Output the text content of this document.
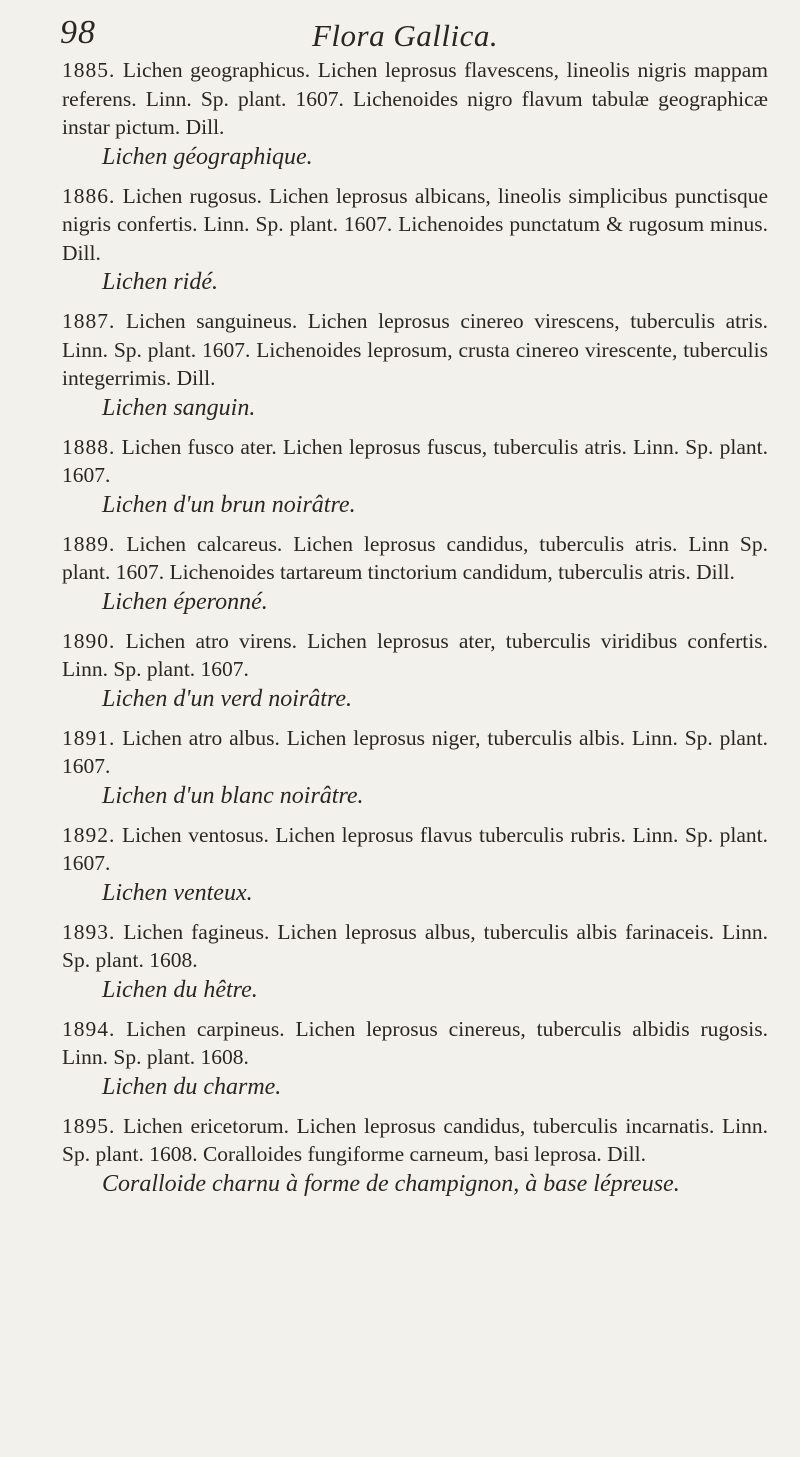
98	Flora Gallica.
1885. Lichen geographicus. Lichen leprosus flavescens, lineolis nigris mappam referens. Linn. Sp. plant. 1607. Lichenoides nigro flavum tabulæ geographicæ instar pictum. Dill.
Lichen géographique.
1886. Lichen rugosus. Lichen leprosus albicans, lineolis simplicibus punctisque nigris confertis. Linn. Sp. plant. 1607. Lichenoides punctatum & rugosum minus. Dill.
Lichen ridé.
1887. Lichen sanguineus. Lichen leprosus cinereo virescens, tuberculis atris. Linn. Sp. plant. 1607. Lichenoides leprosum, crusta cinereo virescente, tuberculis integerrimis. Dill.
Lichen sanguin.
1888. Lichen fusco ater. Lichen leprosus fuscus, tuberculis atris. Linn. Sp. plant. 1607.
Lichen d'un brun noirâtre.
1889. Lichen calcareus. Lichen leprosus candidus, tuberculis atris. Linn Sp. plant. 1607. Lichenoides tartareum tinctorium candidum, tuberculis atris. Dill.
Lichen éperonné.
1890. Lichen atro virens. Lichen leprosus ater, tuberculis viridibus confertis. Linn. Sp. plant. 1607.
Lichen d'un verd noirâtre.
1891. Lichen atro albus. Lichen leprosus niger, tuberculis albis. Linn. Sp. plant. 1607.
Lichen d'un blanc noirâtre.
1892. Lichen ventosus. Lichen leprosus flavus tuberculis rubris. Linn. Sp. plant. 1607.
Lichen venteux.
1893. Lichen fagineus. Lichen leprosus albus, tuberculis albis farinaceis. Linn. Sp. plant. 1608.
Lichen du hêtre.
1894. Lichen carpineus. Lichen leprosus cinereus, tuberculis albidis rugosis. Linn. Sp. plant. 1608.
Lichen du charme.
1895. Lichen ericetorum. Lichen leprosus candidus, tuberculis incarnatis. Linn. Sp. plant. 1608. Coralloides fungiforme carneum, basi leprosa. Dill.
Coralloide charnu à forme de champignon, à base lépreuse.
